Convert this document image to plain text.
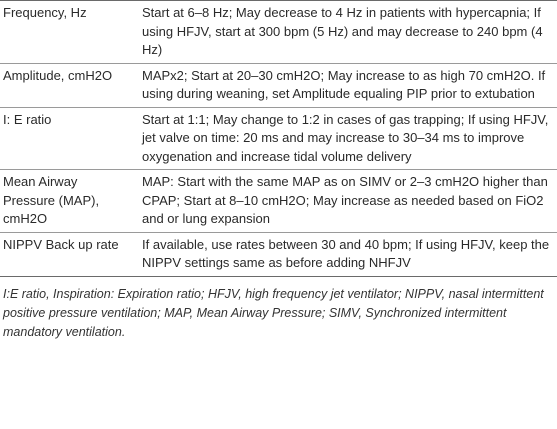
Frequency, Hz	Start at 6–8 Hz; May decrease to 4 Hz in patients with hypercapnia; If using HFJV, start at 300 bpm (5 Hz) and may decrease to 240 bpm (4 Hz)
Amplitude, cmH2O	MAPx2; Start at 20–30 cmH2O; May increase to as high 70 cmH2O. If using during weaning, set Amplitude equaling PIP prior to extubation
I: E ratio	Start at 1:1; May change to 1:2 in cases of gas trapping; If using HFJV, jet valve on time: 20 ms and may increase to 30–34 ms to improve oxygenation and increase tidal volume delivery
Mean Airway Pressure (MAP), cmH2O	MAP: Start with the same MAP as on SIMV or 2–3 cmH2O higher than CPAP; Start at 8–10 cmH2O; May increase as needed based on FiO2 and or lung expansion
NIPPV Back up rate	If available, use rates between 30 and 40 bpm; If using HFJV, keep the NIPPV settings same as before adding NHFJV

I:E ratio, Inspiration: Expiration ratio; HFJV, high frequency jet ventilator; NIPPV, nasal intermittent positive pressure ventilation; MAP, Mean Airway Pressure; SIMV, Synchronized intermittent mandatory ventilation.
